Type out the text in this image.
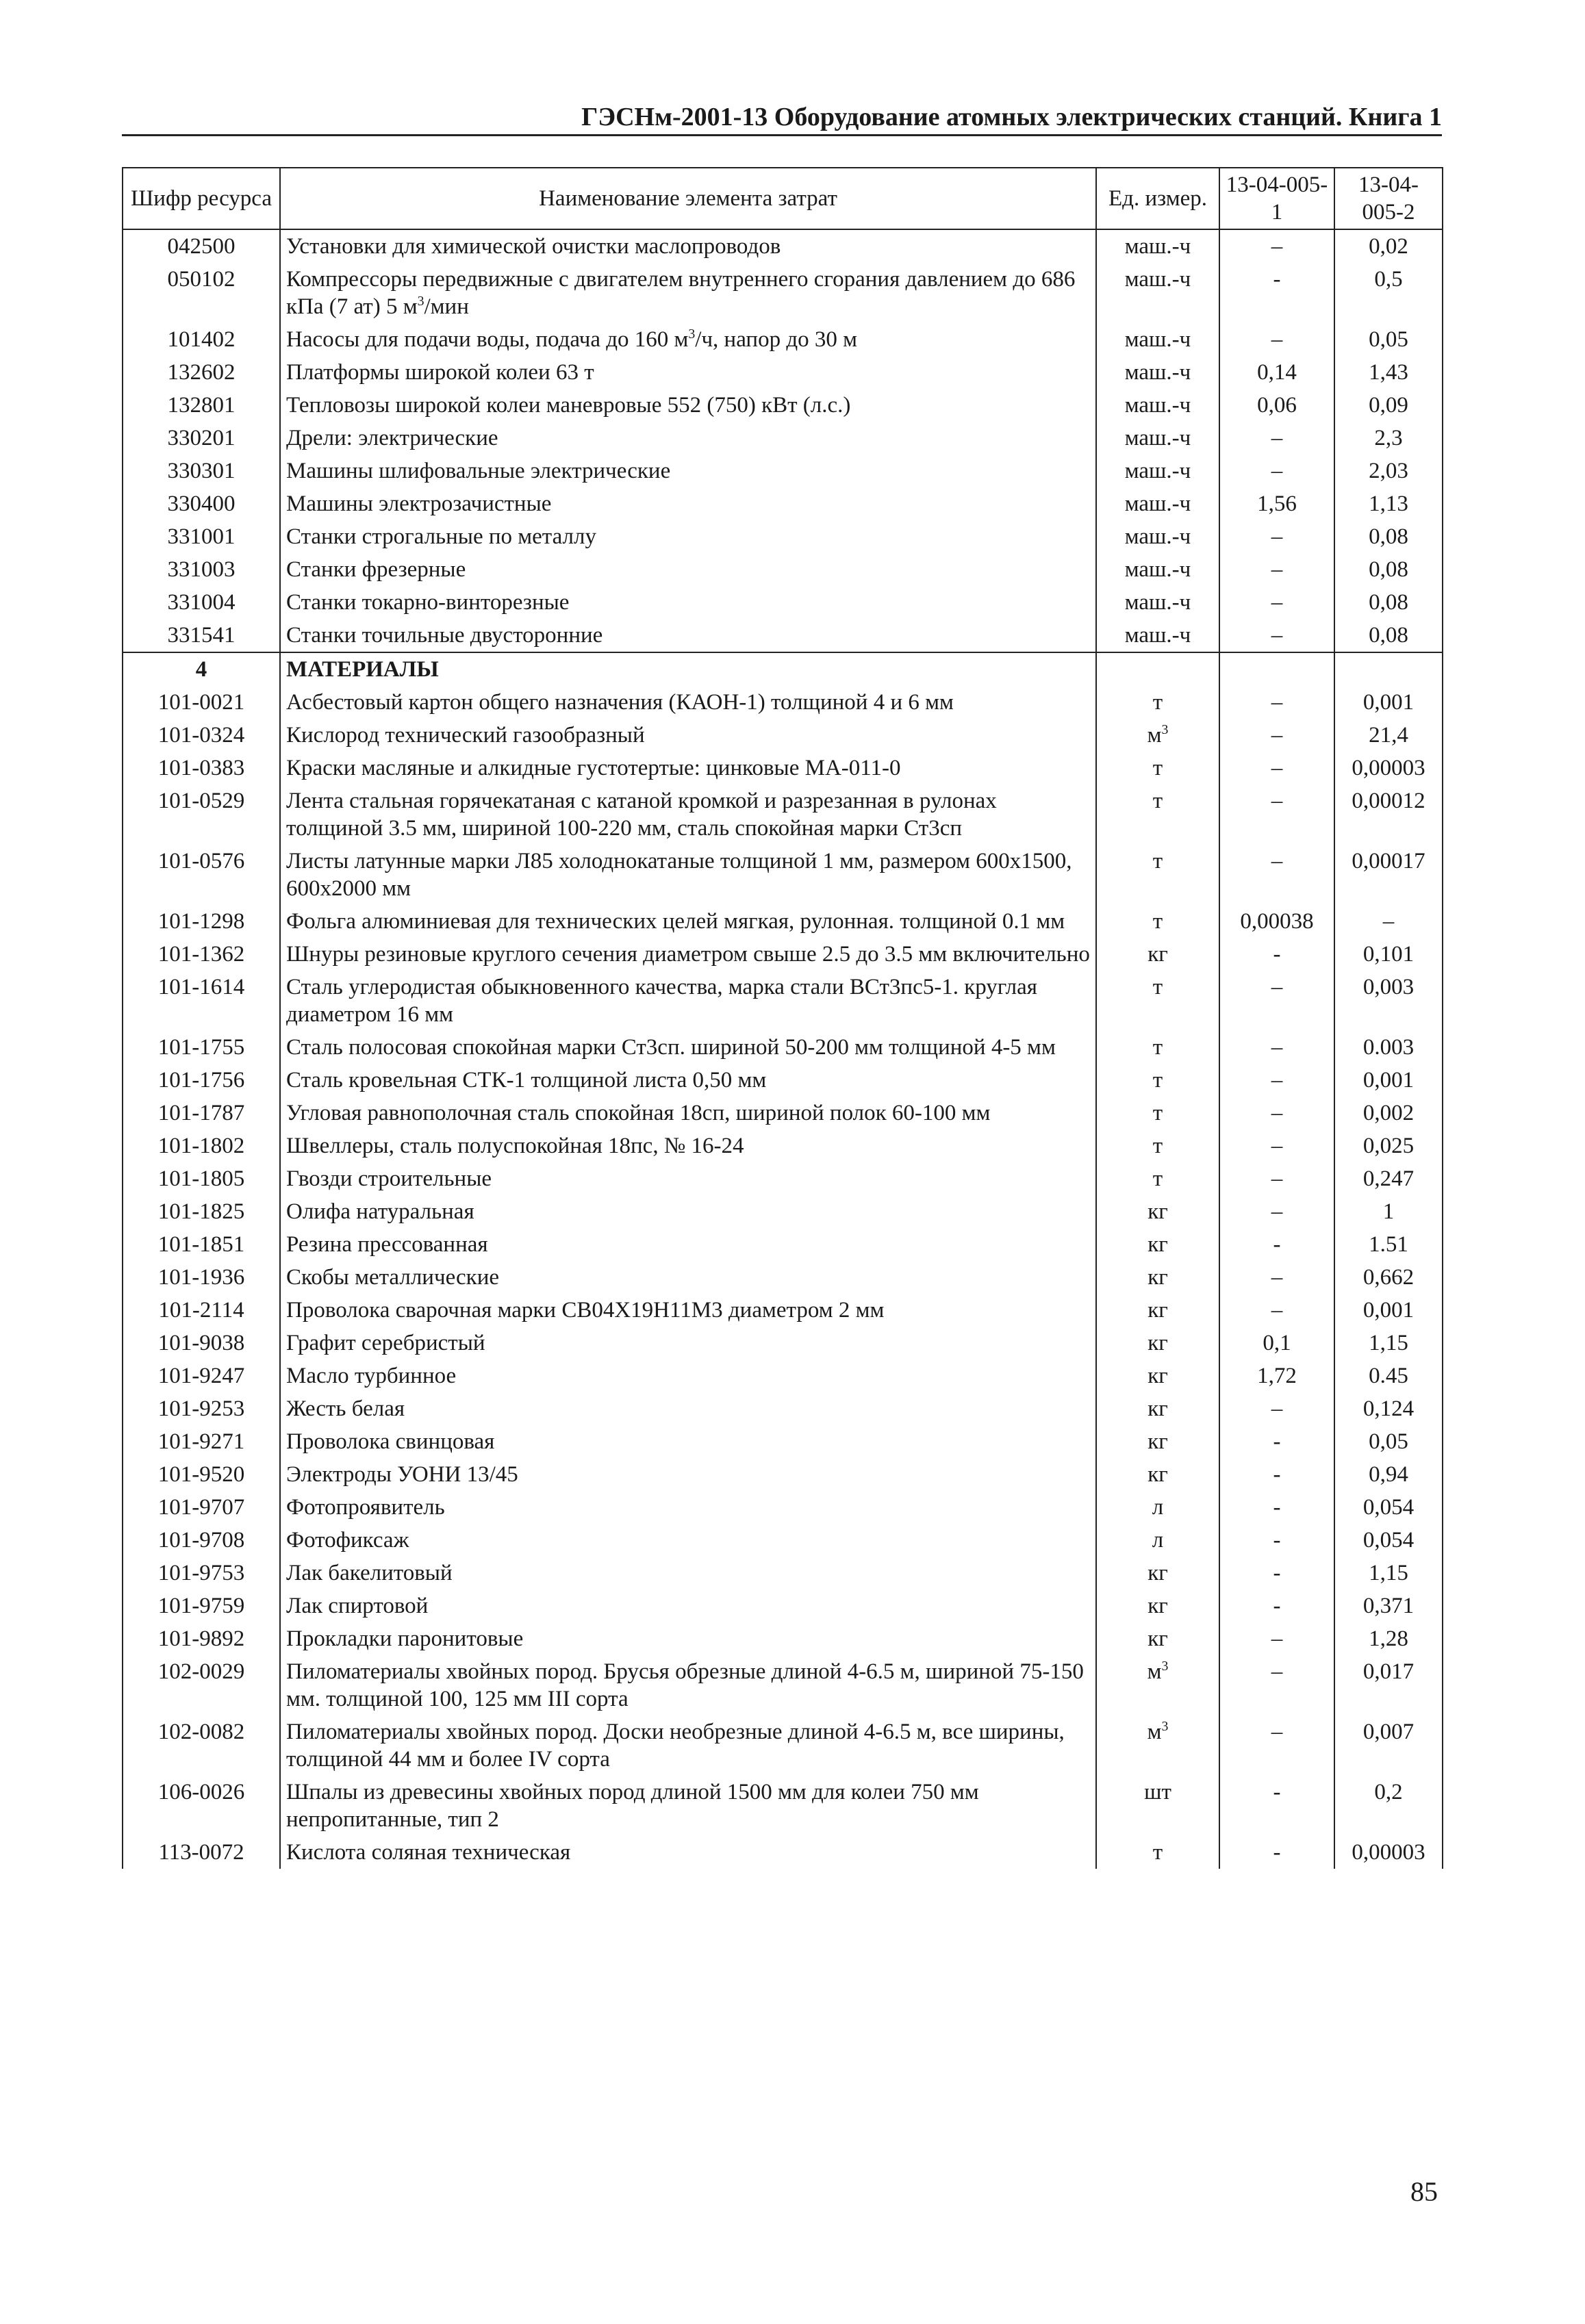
ГЭСНм-2001-13 Оборудование атомных электрических станций. Книга 1
Шифр ресурса	Наименование элемента затрат	Ед. измер.	13-04-005-1	13-04-005-2
042500	Установки для химической очистки маслопроводов	маш.-ч	–	0,02
050102	Компрессоры передвижные с двигателем внутреннего сгорания давлением до 686 кПа (7 ат) 5 $м^3$/мин	маш.-ч	-	0,5
101402	Насосы для подачи воды, подача до 160 $м^3/ч$, напор до 30 м	маш.-ч	–	0,05
132602	Платформы широкой колеи 63 т	маш.-ч	0,14	1,43
132801	Тепловозы широкой колеи маневровые 552 (750) кВт (л.с.)	маш.-ч	0,06	0,09
330201	Дрели: электрические	маш.-ч	–	2,3
330301	Машины шлифовальные электрические	маш.-ч	–	2,03
330400	Машины электрозачистные	маш.-ч	1,56	1,13
331001	Станки строгальные по металлу	маш.-ч	–	0,08
331003	Станки фрезерные	маш.-ч	–	0,08
331004	Станки токарно-винторезные	маш.-ч	–	0,08
331541	Станки точильные двусторонние	маш.-ч	–	0,08
4	МАТЕРИАЛЫ			
101-0021	Асбестовый картон общего назначения (КАОН-1) толщиной 4 и 6 мм	т	–	0,001
101-0324	Кислород технический газообразный	$м^3$	–	21,4
101-0383	Краски масляные и алкидные густотертые: цинковые МА-011-0	т	–	0,00003
101-0529	Лента стальная горячекатаная с катаной кромкой и разрезанная в рулонах толщиной 3.5 мм, шириной 100-220 мм, сталь спокойная марки Ст3сп	т	–	0,00012
101-0576	Листы латунные марки Л85 холоднокатаные толщиной 1 мм, размером 600х1500, 600х2000 мм	т	–	0,00017
101-1298	Фольга алюминиевая для технических целей мягкая, рулонная. толщиной 0.1 мм	т	0,00038	–
101-1362	Шнуры резиновые круглого сечения диаметром свыше 2.5 до 3.5 мм включительно	кг	-	0,101
101-1614	Сталь углеродистая обыкновенного качества, марка стали ВСт3пс5-1. круглая диаметром 16 мм	т	–	0,003
101-1755	Сталь полосовая спокойная марки Ст3сп. шириной 50-200 мм толщиной 4-5 мм	т	–	0.003
101-1756	Сталь кровельная СТК-1 толщиной листа 0,50 мм	т	–	0,001
101-1787	Угловая равнополочная сталь спокойная 18сп, шириной полок 60-100 мм	т	–	0,002
101-1802	Швеллеры, сталь полуспокойная 18пс, № 16-24	т	–	0,025
101-1805	Гвозди строительные	т	–	0,247
101-1825	Олифа натуральная	кг	–	1
101-1851	Резина прессованная	кг	-	1.51
101-1936	Скобы металлические	кг	–	0,662
101-2114	Проволока сварочная марки СВ04Х19Н11М3 диаметром 2 мм	кг	–	0,001
101-9038	Графит серебристый	кг	0,1	1,15
101-9247	Масло турбинное	кг	1,72	0.45
101-9253	Жесть белая	кг	–	0,124
101-9271	Проволока свинцовая	кг	-	0,05
101-9520	Электроды УОНИ 13/45	кг	-	0,94
101-9707	Фотопроявитель	л	-	0,054
101-9708	Фотофиксаж	л	-	0,054
101-9753	Лак бакелитовый	кг	-	1,15
101-9759	Лак спиртовой	кг	-	0,371
101-9892	Прокладки паронитовые	кг	–	1,28
102-0029	Пиломатериалы хвойных пород. Брусья обрезные длиной 4-6.5 м, шириной 75-150 мм. толщиной 100, 125 мм III сорта	$м^3$	–	0,017
102-0082	Пиломатериалы хвойных пород. Доски необрезные длиной 4-6.5 м, все ширины, толщиной 44 мм и более IV сорта	$м^3$	–	0,007
106-0026	Шпалы из древесины хвойных пород длиной 1500 мм для колеи 750 мм непропитанные, тип 2	шт	-	0,2
113-0072	Кислота соляная техническая	т	-	0,00003
85
